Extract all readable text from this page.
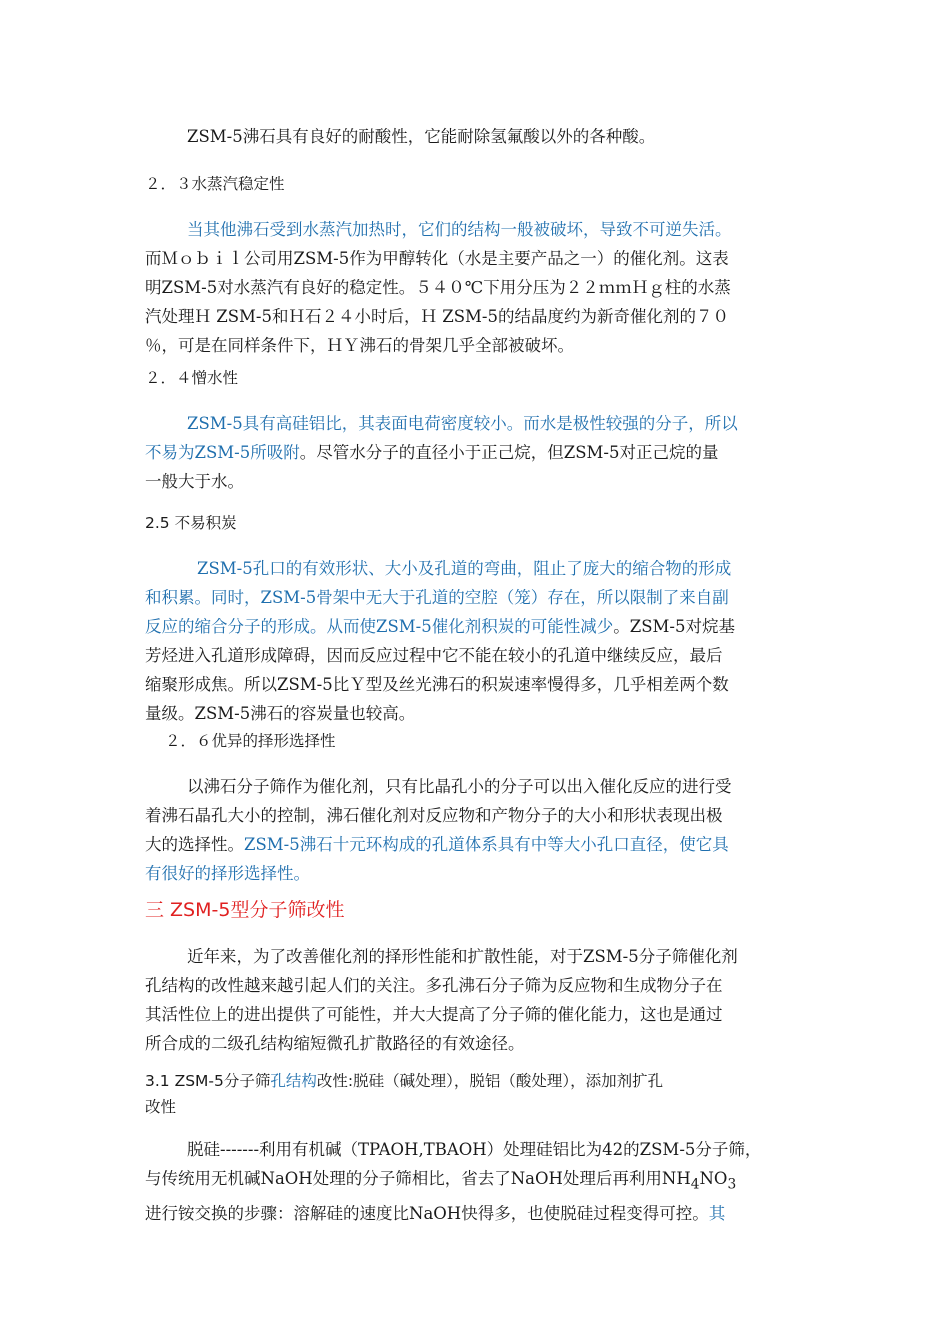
ZSM-5沸石具有良好的耐酸性，它能耐除氢氟酸以外的各种酸。

２．３水蒸汽稳定性

当其他沸石受到水蒸汽加热时，它们的结构一般被破坏，导致不可逆失活。
而Ｍｏｂｉｌ公司用ZSM-5作为甲醇转化（水是主要产品之一）的催化剂。这表
明ZSM-5对水蒸汽有良好的稳定性。５４０℃下用分压为２２ｍｍＨｇ柱的水蒸
汽处理Ｈ ZSM-5和Ｈ石２４小时后，Ｈ ZSM-5的结晶度约为新奇催化剂的７０
％，可是在同样条件下，ＨＹ沸石的骨架几乎全部被破坏。

２．４憎水性

ZSM-5具有高硅铝比，其表面电荷密度较小。而水是极性较强的分子，所以
不易为ZSM-5所吸附。尽管水分子的直径小于正己烷，但ZSM-5对正己烷的量
一般大于水。

2.5 不易积炭

ZSM-5孔口的有效形状、大小及孔道的弯曲，阻止了庞大的缩合物的形成
和积累。同时，ZSM-5骨架中无大于孔道的空腔（笼）存在，所以限制了来自副
反应的缩合分子的形成。从而使ZSM-5催化剂积炭的可能性减少。ZSM-5对烷基
芳烃进入孔道形成障碍，因而反应过程中它不能在较小的孔道中继续反应，最后
缩聚形成焦。所以ZSM-5比Ｙ型及丝光沸石的积炭速率慢得多，几乎相差两个数
量级。ZSM-5沸石的容炭量也较高。

２．６优异的择形选择性

以沸石分子筛作为催化剂，只有比晶孔小的分子可以出入催化反应的进行受
着沸石晶孔大小的控制，沸石催化剂对反应物和产物分子的大小和形状表现出极
大的选择性。ZSM-5沸石十元环构成的孔道体系具有中等大小孔口直径，使它具
有很好的择形选择性。

三 ZSM-5型分子筛改性

近年来，为了改善催化剂的择形性能和扩散性能，对于ZSM-5分子筛催化剂
孔结构的改性越来越引起人们的关注。多孔沸石分子筛为反应物和生成物分子在
其活性位上的进出提供了可能性，并大大提高了分子筛的催化能力，这也是通过
所合成的二级孔结构缩短微孔扩散路径的有效途径。

3.1 ZSM-5分子筛孔结构改性:脱硅（碱处理），脱铝（酸处理），添加剂扩孔
改性

脱硅-------利用有机碱（TPAOH,TBAOH）处理硅铝比为42的ZSM-5分子筛，
与传统用无机碱NaOH处理的分子筛相比，省去了NaOH处理后再利用$NH_4NO_3$
进行铵交换的步骤：溶解硅的速度比NaOH快得多，也使脱硅过程变得可控。其
